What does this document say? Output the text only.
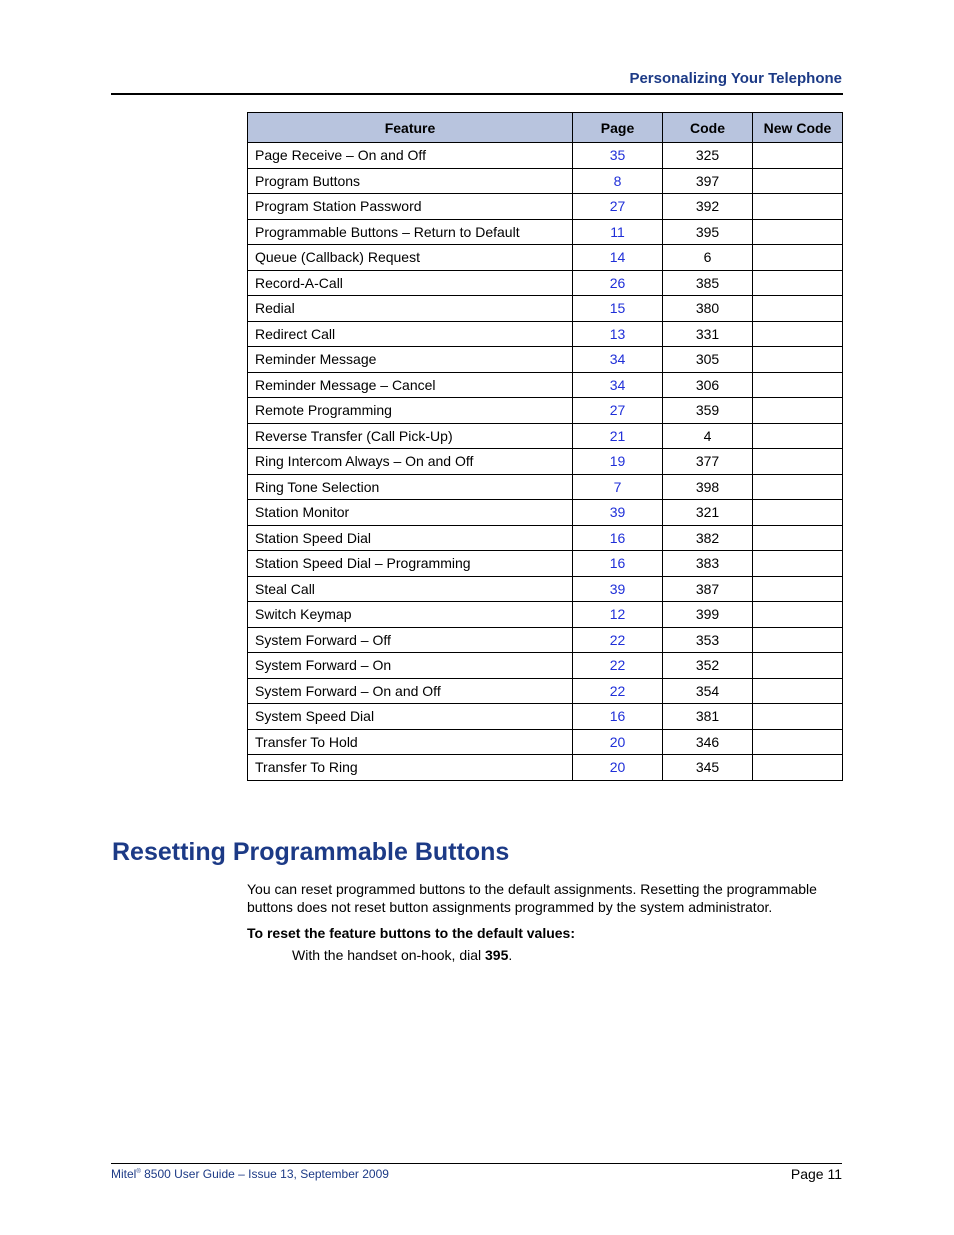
Personalizing Your Telephone
Feature	Page	Code	New Code
Page Receive – On and Off	35	325	
Program Buttons	8	397	
Program Station Password	27	392	
Programmable Buttons – Return to Default	11	395	
Queue (Callback) Request	14	6	
Record-A-Call	26	385	
Redial	15	380	
Redirect Call	13	331	
Reminder Message	34	305	
Reminder Message – Cancel	34	306	
Remote Programming	27	359	
Reverse Transfer (Call Pick-Up)	21	4	
Ring Intercom Always – On and Off	19	377	
Ring Tone Selection	7	398	
Station Monitor	39	321	
Station Speed Dial	16	382	
Station Speed Dial – Programming	16	383	
Steal Call	39	387	
Switch Keymap	12	399	
System Forward – Off	22	353	
System Forward – On	22	352	
System Forward – On and Off	22	354	
System Speed Dial	16	381	
Transfer To Hold	20	346	
Transfer To Ring	20	345	
Resetting Programmable Buttons

You can reset programmed buttons to the default assignments. Resetting the programmable buttons does not reset button assignments programmed by the system administrator.

To reset the feature buttons to the default values:

With the handset on-hook, dial 395.

Mitel® 8500 User Guide – Issue 13, September 2009	Page 11
